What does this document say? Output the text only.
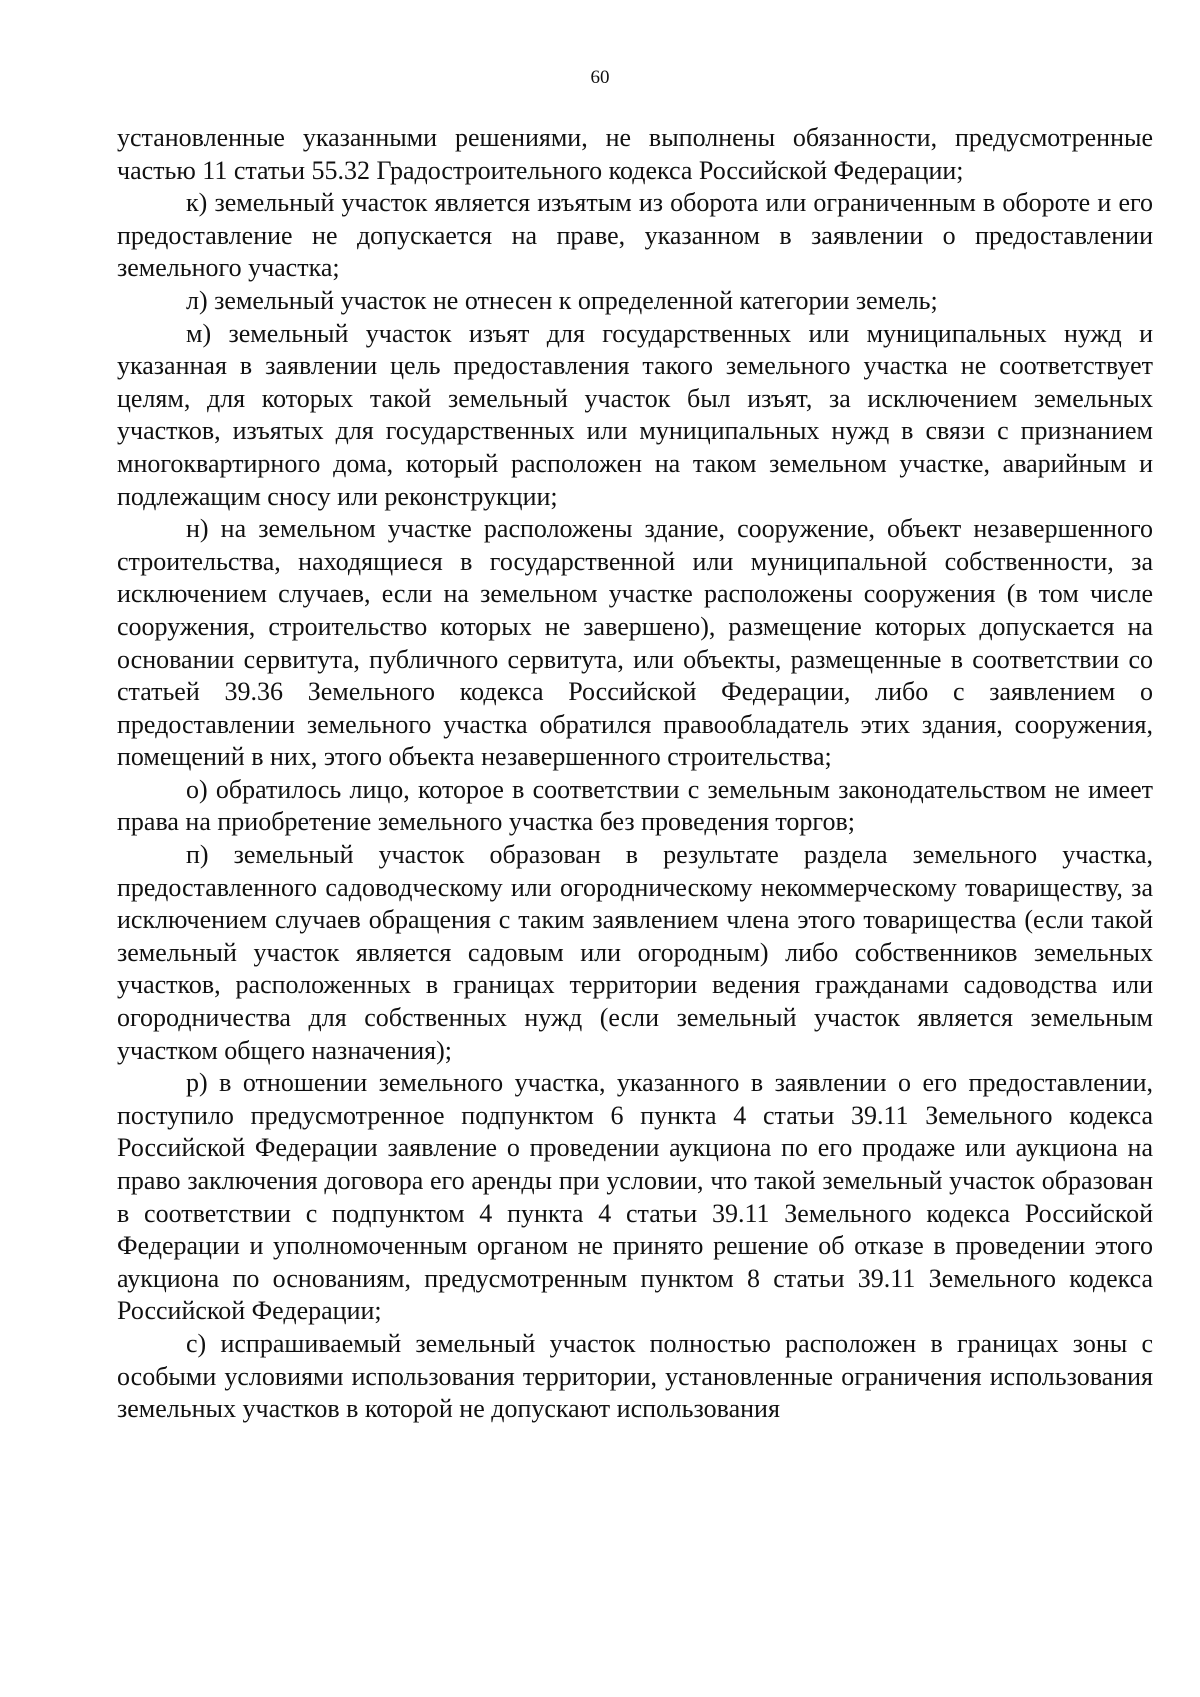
60

установленные указанными решениями, не выполнены обязанности, предусмотренные частью 11 статьи 55.32 Градостроительного кодекса Российской Федерации;

к) земельный участок является изъятым из оборота или ограниченным в обороте и его предоставление не допускается на праве, указанном в заявлении о предоставлении земельного участка;

л) земельный участок не отнесен к определенной категории земель;

м) земельный участок изъят для государственных или муниципальных нужд и указанная в заявлении цель предоставления такого земельного участка не соответствует целям, для которых такой земельный участок был изъят, за исключением земельных участков, изъятых для государственных или муниципальных нужд в связи с признанием многоквартирного дома, который расположен на таком земельном участке, аварийным и подлежащим сносу или реконструкции;

н) на земельном участке расположены здание, сооружение, объект незавершенного строительства, находящиеся в государственной или муниципальной собственности, за исключением случаев, если на земельном участке расположены сооружения (в том числе сооружения, строительство которых не завершено), размещение которых допускается на основании сервитута, публичного сервитута, или объекты, размещенные в соответствии со статьей 39.36 Земельного кодекса Российской Федерации, либо с заявлением о предоставлении земельного участка обратился правообладатель этих здания, сооружения, помещений в них, этого объекта незавершенного строительства;

о) обратилось лицо, которое в соответствии с земельным законодательством не имеет права на приобретение земельного участка без проведения торгов;

п) земельный участок образован в результате раздела земельного участка, предоставленного садоводческому или огородническому некоммерческому товариществу, за исключением случаев обращения с таким заявлением члена этого товарищества (если такой земельный участок является садовым или огородным) либо собственников земельных участков, расположенных в границах территории ведения гражданами садоводства или огородничества для собственных нужд (если земельный участок является земельным участком общего назначения);

р) в отношении земельного участка, указанного в заявлении о его предоставлении, поступило предусмотренное подпунктом 6 пункта 4 статьи 39.11 Земельного кодекса Российской Федерации заявление о проведении аукциона по его продаже или аукциона на право заключения договора его аренды при условии, что такой земельный участок образован в соответствии с подпунктом 4 пункта 4 статьи 39.11 Земельного кодекса Российской Федерации и уполномоченным органом не принято решение об отказе в проведении этого аукциона по основаниям, предусмотренным пунктом 8 статьи 39.11 Земельного кодекса Российской Федерации;

с) испрашиваемый земельный участок полностью расположен в границах зоны с особыми условиями использования территории, установленные ограничения использования земельных участков в которой не допускают использования
